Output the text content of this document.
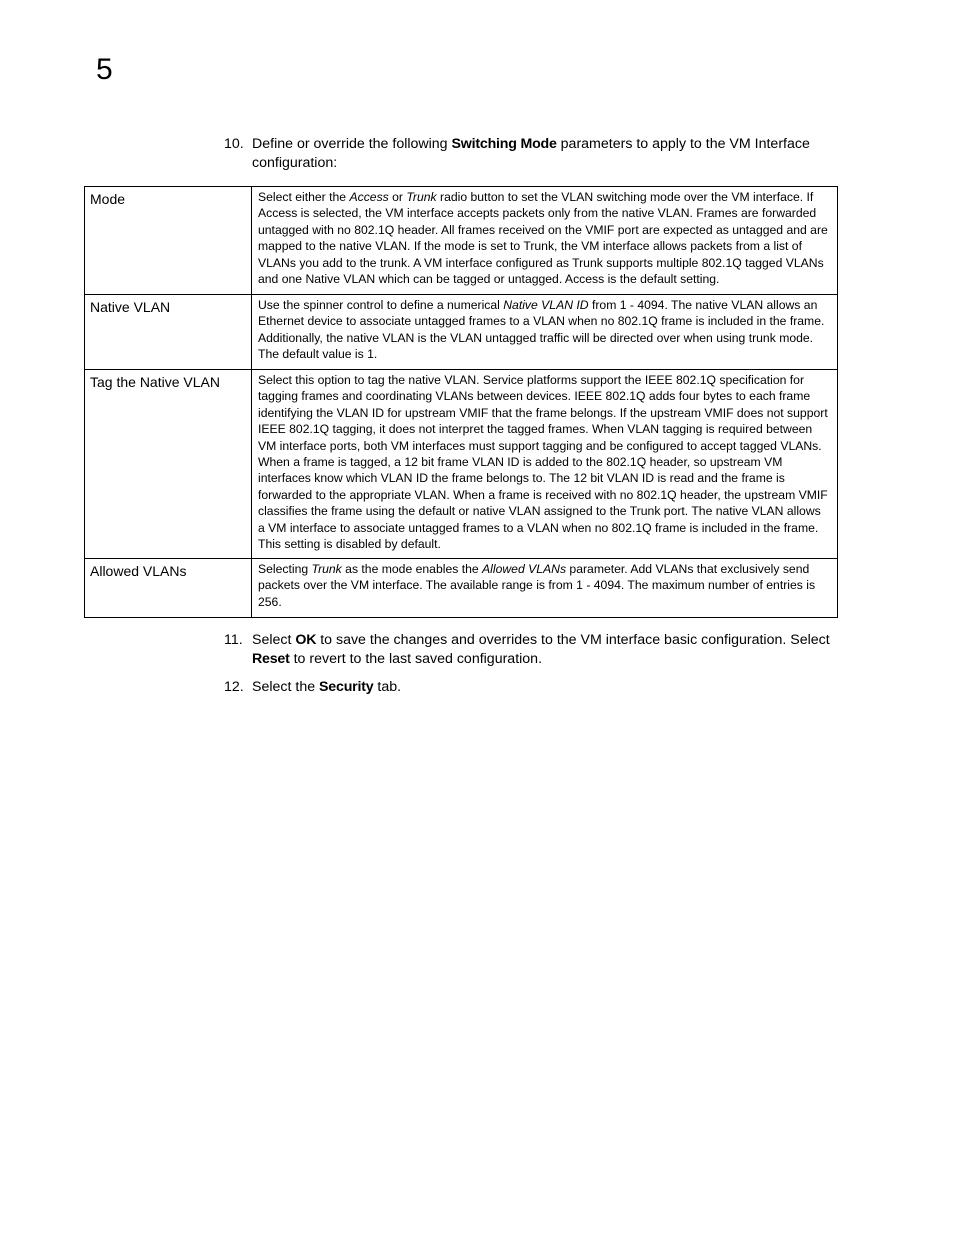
5
10. Define or override the following Switching Mode parameters to apply to the VM Interface configuration:
Mode	Select either the Access or Trunk radio button to set the VLAN switching mode over the VM interface. If Access is selected, the VM interface accepts packets only from the native VLAN. Frames are forwarded untagged with no 802.1Q header. All frames received on the VMIF port are expected as untagged and are mapped to the native VLAN. If the mode is set to Trunk, the VM interface allows packets from a list of VLANs you add to the trunk. A VM interface configured as Trunk supports multiple 802.1Q tagged VLANs and one Native VLAN which can be tagged or untagged. Access is the default setting.
Native VLAN	Use the spinner control to define a numerical Native VLAN ID from 1 - 4094. The native VLAN allows an Ethernet device to associate untagged frames to a VLAN when no 802.1Q frame is included in the frame. Additionally, the native VLAN is the VLAN untagged traffic will be directed over when using trunk mode. The default value is 1.
Tag the Native VLAN	Select this option to tag the native VLAN. Service platforms support the IEEE 802.1Q specification for tagging frames and coordinating VLANs between devices. IEEE 802.1Q adds four bytes to each frame identifying the VLAN ID for upstream VMIF that the frame belongs. If the upstream VMIF does not support IEEE 802.1Q tagging, it does not interpret the tagged frames. When VLAN tagging is required between VM interface ports, both VM interfaces must support tagging and be configured to accept tagged VLANs. When a frame is tagged, a 12 bit frame VLAN ID is added to the 802.1Q header, so upstream VM interfaces know which VLAN ID the frame belongs to. The 12 bit VLAN ID is read and the frame is forwarded to the appropriate VLAN. When a frame is received with no 802.1Q header, the upstream VMIF classifies the frame using the default or native VLAN assigned to the Trunk port. The native VLAN allows a VM interface to associate untagged frames to a VLAN when no 802.1Q frame is included in the frame. This setting is disabled by default.
Allowed VLANs	Selecting Trunk as the mode enables the Allowed VLANs parameter. Add VLANs that exclusively send packets over the VM interface. The available range is from 1 - 4094. The maximum number of entries is 256.
11. Select OK to save the changes and overrides to the VM interface basic configuration. Select Reset to revert to the last saved configuration.
12. Select the Security tab.
